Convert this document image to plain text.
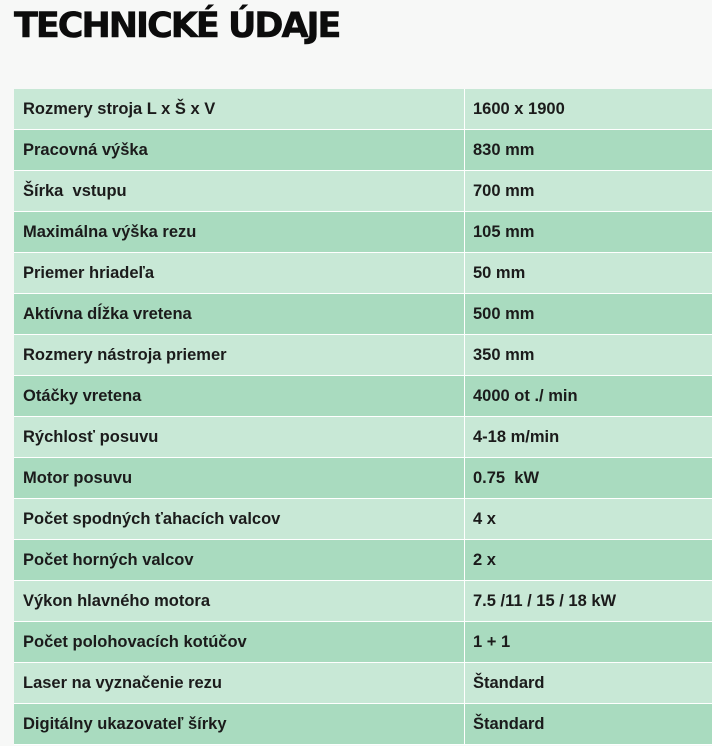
TECHNICKÉ ÚDAJE
Rozmery stroja L x Š x V	1600 x 1900
Pracovná výška	830 mm
Šírka  vstupu	700 mm
Maximálna výška rezu	105 mm
Priemer hriadeľa	50 mm
Aktívna dĺžka vretena	500 mm
Rozmery nástroja priemer	350 mm
Otáčky vretena	4000 ot ./ min
Rýchlosť posuvu	4-18 m/min
Motor posuvu	0.75  kW
Počet spodných ťahacích valcov	4 x
Počet horných valcov	2 x
Výkon hlavného motora	7.5 /11 / 15 / 18 kW
Počet polohovacích kotúčov	1 + 1
Laser na vyznačenie rezu	Štandard
Digitálny ukazovateľ šírky	Štandard
